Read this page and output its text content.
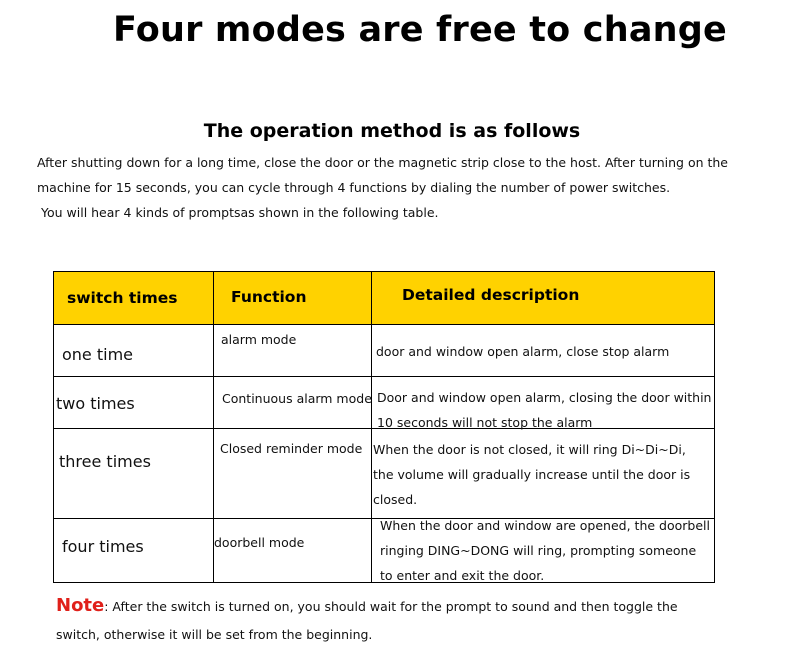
Four modes are free to change
The operation method is as follows
After shutting down for a long time, close the door or the magnetic strip close to the host. After turning on the
machine for 15 seconds, you can cycle through 4 functions by dialing the number of power switches.
You will hear 4 kinds of promptsas shown in the following table.
switch times	Function	Detailed description

one time	alarm mode	door and window open alarm, close stop alarm

two times	Continuous alarm mode	Door and window open alarm, closing the door within
10 seconds will not stop the alarm

three times	Closed reminder mode	When the door is not closed, it will ring Di~Di~Di,
the volume will gradually increase until the door is
closed.

four times	doorbell mode	When the door and window are opened, the doorbell
ringing DING~DONG will ring, prompting someone
to enter and exit the door.
Note: After the switch is turned on, you should wait for the prompt to sound and then toggle the
switch, otherwise it will be set from the beginning.
